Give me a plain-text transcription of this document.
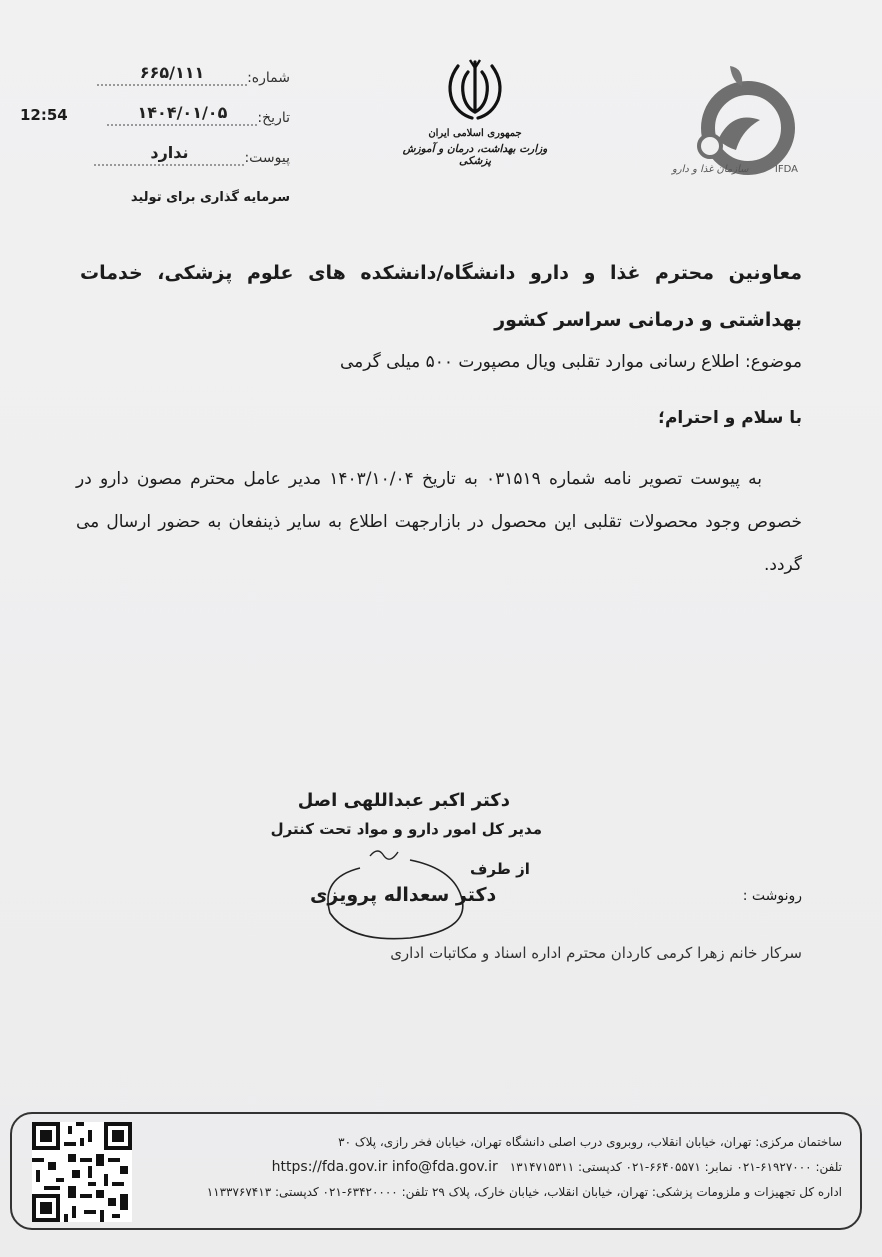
شماره:
۶۶۵/۱۱۱
تاریخ:
۱۴۰۴/۰۱/۰۵
12:54
پیوست:
ندارد
سرمایه گذاری برای تولید
جمهوری اسلامی ایران
وزارت بهداشت، درمان و آموزش پزشکی
سازمان غذا و دارو	IFDA
معاونین محترم غذا و دارو دانشگاه/دانشکده های علوم پزشکی، خدمات بهداشتی و درمانی سراسر کشور
موضوع: اطلاع رسانی موارد تقلبی ویال مصپورت ۵۰۰ میلی گرمی
با سلام و احترام؛
به پیوست تصویر نامه شماره ۰۳۱۵۱۹ به تاریخ ۱۴۰۳/۱۰/۰۴ مدیر عامل محترم مصون دارو در خصوص وجود محصولات تقلبی این محصول در بازارجهت اطلاع به سایر ذینفعان به حضور ارسال می گردد.
دکتر اکبر عبداللهی اصل
مدیر کل امور دارو و مواد تحت کنترل
از طرف
دکتر سعداله پرویزی	رونوشت :
سرکار خانم زهرا کرمی کاردان محترم اداره اسناد و مکاتبات اداری
ساختمان مرکزی: تهران، خیابان انقلاب، روبروی درب اصلی دانشگاه تهران، خیابان فخر رازی، پلاک ۳۰
تلفن: ۶۱۹۲۷۰۰۰-۰۲۱ نمابر: ۶۶۴۰۵۵۷۱-۰۲۱ کدپستی: ۱۳۱۴۷۱۵۳۱۱
https://fda.gov.ir info@fda.gov.ir
اداره کل تجهیزات و ملزومات پزشکی: تهران، خیابان انقلاب، خیابان خارک، پلاک ۲۹ تلفن: ۶۳۴۲۰۰۰۰-۰۲۱ کدپستی: ۱۱۳۳۷۶۷۴۱۳
